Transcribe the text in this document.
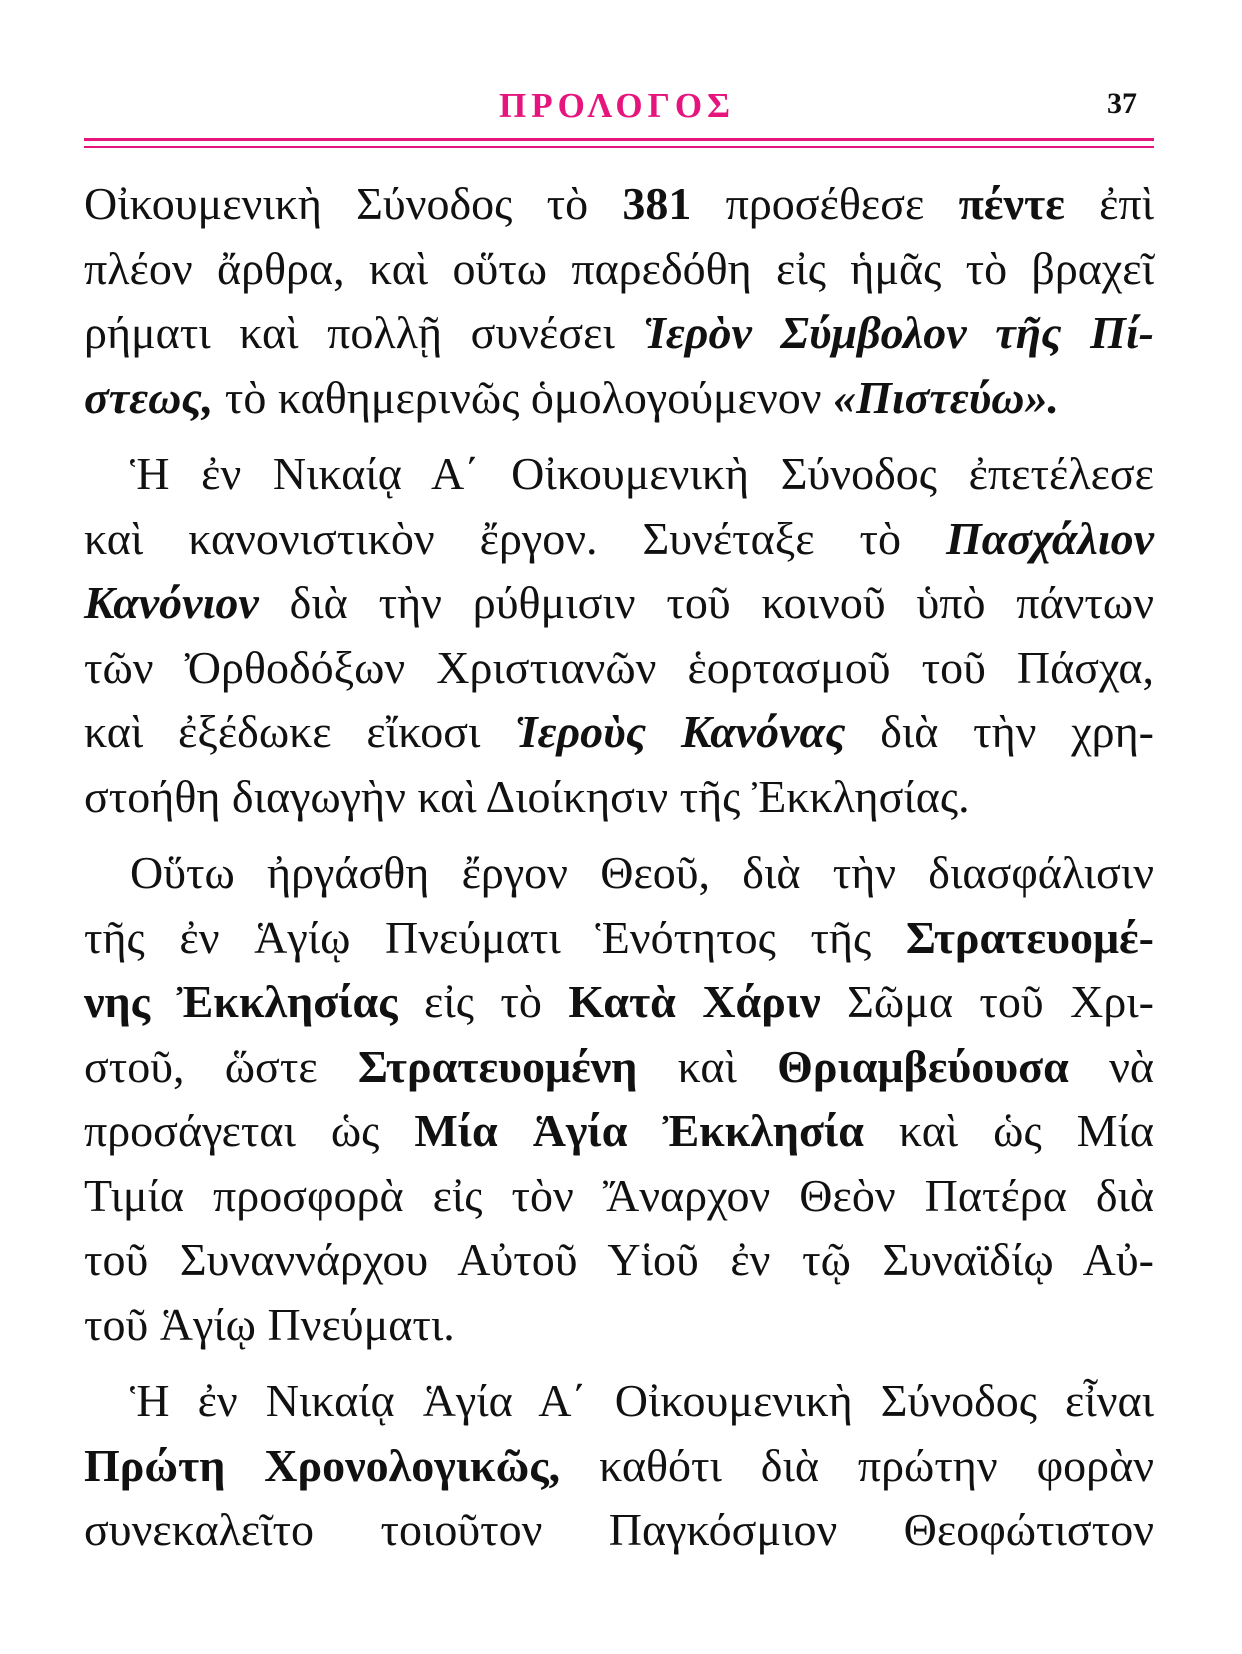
ΠΡΟΛΟΓΟΣ	37
Οἰκουμενικὴ Σύνοδος τὸ 381 προσέθεσε πέντε ἐπὶ
πλέον ἄρθρα, καὶ οὕτω παρεδόθη εἰς ἡμᾶς τὸ βραχεῖ
ρήματι καὶ πολλῇ συνέσει Ἱερὸν Σύμβολον τῆς Πί-
στεως, τὸ καθημερινῶς ὁμολογούμενον «Πιστεύω».
Ἡ ἐν Νικαίᾳ Α΄ Οἰκουμενικὴ Σύνοδος ἐπετέλεσε
καὶ κανονιστικὸν ἔργον. Συνέταξε τὸ Πασχάλιον
Κανόνιον διὰ τὴν ρύθμισιν τοῦ κοινοῦ ὑπὸ πάντων
τῶν Ὀρθοδόξων Χριστιανῶν ἑορτασμοῦ τοῦ Πάσχα,
καὶ ἐξέδωκε εἴκοσι Ἱεροὺς Κανόνας διὰ τὴν χρη-
στοήθη διαγωγὴν καὶ Διοίκησιν τῆς Ἐκκλησίας.
Οὕτω ἠργάσθη ἔργον Θεοῦ, διὰ τὴν διασφάλισιν
τῆς ἐν Ἁγίῳ Πνεύματι Ἑνότητος τῆς Στρατευομέ-
νης Ἐκκλησίας εἰς τὸ Κατὰ Χάριν Σῶμα τοῦ Χρι-
στοῦ, ὥστε Στρατευομένη καὶ Θριαμβεύουσα νὰ
προσάγεται ὡς Μία Ἁγία Ἐκκλησία καὶ ὡς Μία
Τιμία προσφορὰ εἰς τὸν Ἄναρχον Θεὸν Πατέρα διὰ
τοῦ Συναννάρχου Αὐτοῦ Υἱοῦ ἐν τῷ Συναϊδίῳ Αὐ-
τοῦ Ἁγίῳ Πνεύματι.
Ἡ ἐν Νικαίᾳ Ἁγία Α΄ Οἰκουμενικὴ Σύνοδος εἶναι
Πρώτη Χρονολογικῶς, καθότι διὰ πρώτην φορὰν
συνεκαλεῖτο τοιοῦτον Παγκόσμιον Θεοφώτιστον
